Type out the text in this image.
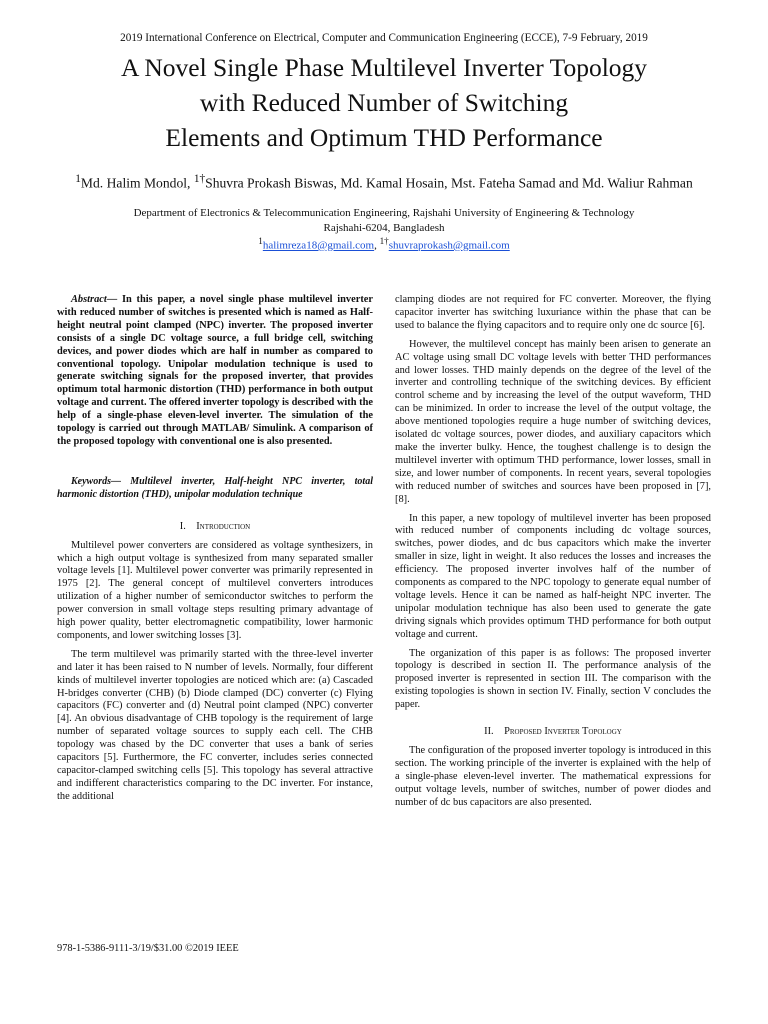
2019 International Conference on Electrical, Computer and Communication Engineering (ECCE), 7-9 February, 2019
A Novel Single Phase Multilevel Inverter Topology
with Reduced Number of Switching
Elements and Optimum THD Performance
$^1$Md. Halim Mondol, $^{1\dagger}$Shuvra Prokash Biswas, Md. Kamal Hosain, Mst. Fateha Samad and Md. Waliur Rahman
Department of Electronics & Telecommunication Engineering, Rajshahi University of Engineering & Technology
Rajshahi-6204, Bangladesh
$^1$halimreza18@gmail.com, $^{1\dagger}$shuvraprokash@gmail.com

Abstract— In this paper, a novel single phase multilevel inverter with reduced number of switches is presented which is named as Half-height neutral point clamped (NPC) inverter. The proposed inverter consists of a single DC voltage source, a full bridge cell, switching devices, and power diodes which are half in number as compared to conventional topology. Unipolar modulation technique is used to generate switching signals for the proposed inverter, that provides optimum total harmonic distortion (THD) performance in both output voltage and current. The offered inverter topology is described with the help of a single-phase eleven-level inverter. The simulation of the topology is carried out through MATLAB/ Simulink. A comparison of the proposed topology with conventional one is also presented.

Keywords— Multilevel inverter, Half-height NPC inverter, total harmonic distortion (THD), unipolar modulation technique

I. Introduction

Multilevel power converters are considered as voltage synthesizers, in which a high output voltage is synthesized from many separated smaller voltage levels [1]. Multilevel power converter was primarily represented in 1975 [2]. The general concept of multilevel converters introduces utilization of a higher number of semiconductor switches to perform the power conversion in small voltage steps resulting primary advantage of high power quality, better electromagnetic compatibility, lower harmonic components, and lower switching losses [3].

The term multilevel was primarily started with the three-level inverter and later it has been raised to N number of levels. Normally, four different kinds of multilevel inverter topologies are noticed which are: (a) Cascaded H-bridges converter (CHB) (b) Diode clamped (DC) converter (c) Flying capacitors (FC) converter and (d) Neutral point clamped (NPC) converter [4]. An obvious disadvantage of CHB topology is the requirement of large number of separated voltage sources to supply each cell. The CHB topology was chased by the DC converter that uses a bank of series capacitors [5]. Furthermore, the FC converter, includes series connected capacitor-clamped switching cells [5]. This topology has several attractive and indifferent characteristics comparing to the DC inverter. For instance, the additional

clamping diodes are not required for FC converter. Moreover, the flying capacitor inverter has switching luxuriance within the phase that can be used to balance the flying capacitors and to require only one dc source [6].

However, the multilevel concept has mainly been arisen to generate an AC voltage using small DC voltage levels with better THD performances and lower losses. THD mainly depends on the degree of the level of the inverter and controlling technique of the switching devices. By efficient control scheme and by increasing the level of the output waveform, THD can be minimized. In order to increase the level of the output voltage, the above mentioned topologies require a huge number of switching devices, isolated dc voltage sources, power diodes, and auxiliary capacitors which make the inverter bulky. Hence, the toughest challenge is to design the multilevel inverter with optimum THD performance, lower losses, small in size, and lower number of components. In recent years, several topologies with reduced number of switches and sources have been proposed in [7], [8].

In this paper, a new topology of multilevel inverter has been proposed with reduced number of components including dc voltage sources, switches, power diodes, and dc bus capacitors which make the inverter smaller in size, light in weight. It also reduces the losses and increases the efficiency. The proposed inverter involves half of the number of components as compared to the NPC topology to generate equal number of voltage levels. Hence it can be named as half-height NPC inverter. The unipolar modulation technique has also been used to generate the gate driving signals which provides optimum THD performance for both output voltage and current.

The organization of this paper is as follows: The proposed inverter topology is described in section II. The performance analysis of the proposed inverter is represented in section III. The comparison with the existing topologies is shown in section IV. Finally, section V concludes the paper.

II. Proposed Inverter Topology

The configuration of the proposed inverter topology is introduced in this section. The working principle of the inverter is explained with the help of a single-phase eleven-level inverter. The mathematical expressions for output voltage levels, number of switches, number of power diodes and number of dc bus capacitors are also presented.

978-1-5386-9111-3/19/$31.00 ©2019 IEEE
